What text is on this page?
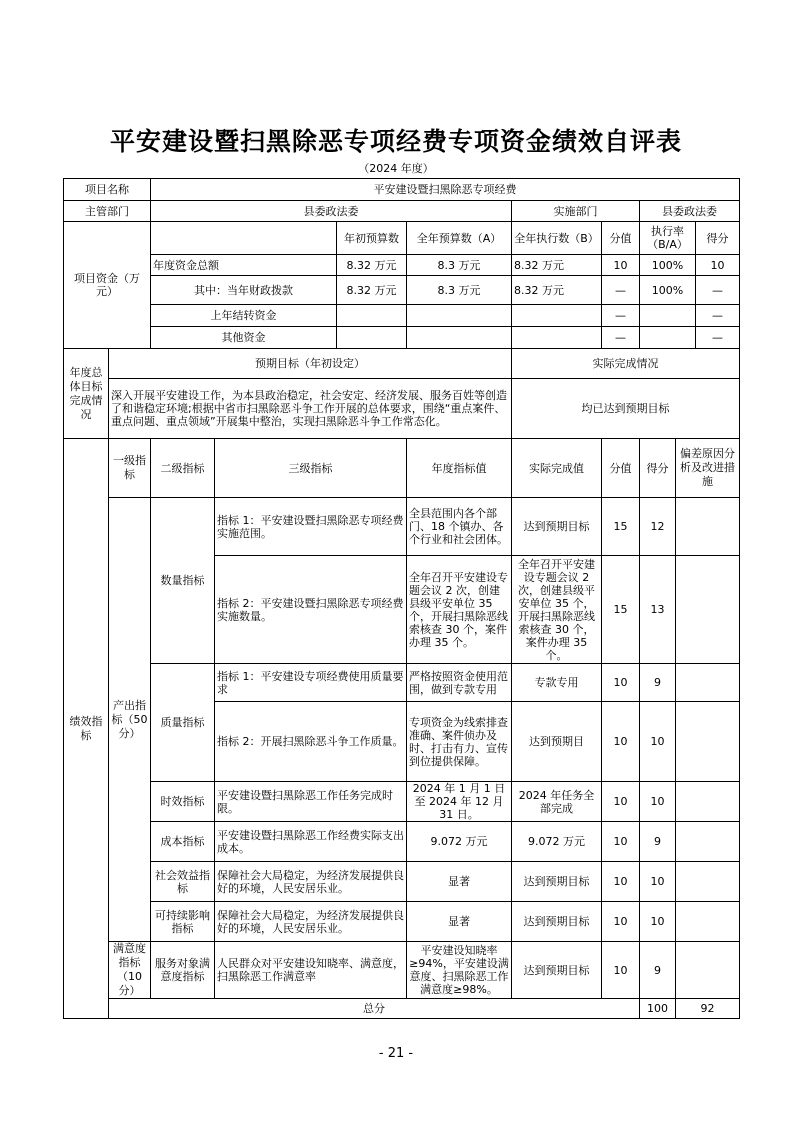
平安建设暨扫黑除恶专项经费专项资金绩效自评表
（2024 年度）
项目名称	平安建设暨扫黑除恶专项经费						
主管部门	县委政法委			实施部门		县委政法委	
项目资金（万元）		年初预算数	全年预算数（A）	全年执行数（B）	分值	执行率（B/A）	得分
	年度资金总额	8.32 万元	8.3 万元	8.32 万元	10	100%	10
	其中：当年财政拨款	8.32 万元	8.3 万元	8.32 万元	—	100%	—
	上年结转资金				—		—
	其他资金				—		—
年度总体目标完成情况	预期目标（年初设定）	实际完成情况
	深入开展平安建设工作，为本县政治稳定，社会安定、经济发展、服务百姓等创造了和谐稳定环境;根据中省市扫黑除恶斗争工作开展的总体要求，围绕“重点案件、重点问题、重点领域”开展集中整治，实现扫黑除恶斗争工作常态化。	均已达到预期目标
绩效指标	一级指标	二级指标	三级指标	年度指标值	实际完成值	分值	得分	偏差原因分析及改进措施	
	产出指标（50分）	数量指标	指标 1：平安建设暨扫黑除恶专项经费实施范围。	全县范围内各个部门、18 个镇办、各个行业和社会团体。	达到预期目标	15	12		
			指标 2：平安建设暨扫黑除恶专项经费实施数量。	全年召开平安建设专题会议 2 次，创建县级平安单位 35 个，开展扫黑除恶线索核查 30 个，案件办理 35 个。	全年召开平安建设专题会议 2 次，创建县级平安单位 35 个，开展扫黑除恶线索核查 30 个，案件办理 35 个。	15	13		
		质量指标	指标 1：平安建设专项经费使用质量要求	严格按照资金使用范围，做到专款专用	专款专用	10	9		
			指标 2：开展扫黑除恶斗争工作质量。	专项资金为线索排查准确、案件侦办及时、打击有力、宣传到位提供保障。	达到预期目	10	10		
		时效指标	平安建设暨扫黑除恶工作任务完成时限。	2024 年 1 月 1 日至 2024 年 12 月 31 日。	2024 年任务全部完成	10	10		
		成本指标	平安建设暨扫黑除恶工作经费实际支出成本。	9.072 万元	9.072 万元	10	9		
		社会效益指标	保障社会大局稳定，为经济发展提供良好的环境，人民安居乐业。	显著	达到预期目标	10	10		
		可持续影响指标	保障社会大局稳定，为经济发展提供良好的环境，人民安居乐业。	显著	达到预期目标	10	10		
	满意度指标（10分）	服务对象满意度指标	人民群众对平安建设知晓率、满意度，扫黑除恶工作满意率	平安建设知晓率≥94%，平安建设满意度、扫黑除恶工作满意度≥98%。	达到预期目标	10	9		
	总分						100	92	
- 21 -
